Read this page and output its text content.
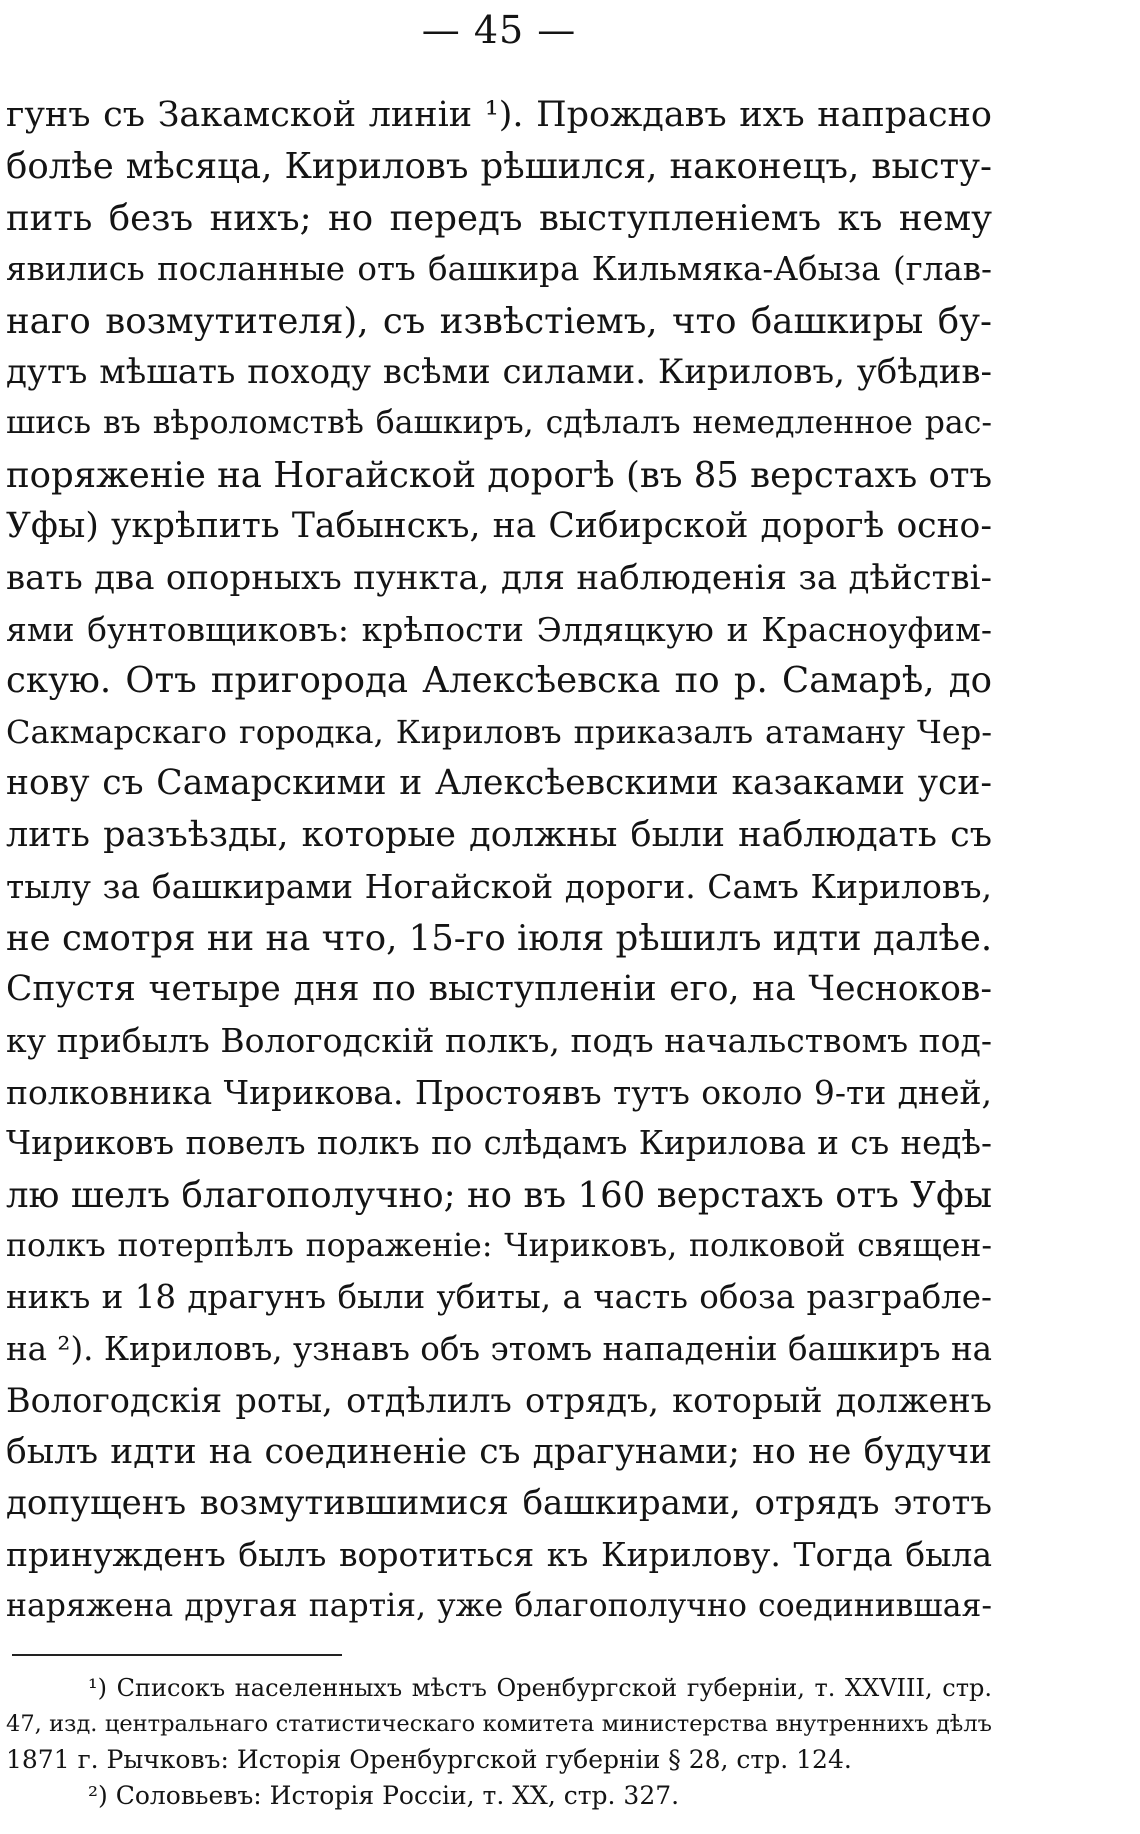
— 45 —
гунъ съ Закамской линіи ¹). Прождавъ ихъ напрасно
болѣе мѣсяца, Кириловъ рѣшился, наконецъ, высту-
пить безъ нихъ; но передъ выступленіемъ къ нему
явились посланные отъ башкира Кильмяка-Абыза (глав-
наго возмутителя), съ извѣстіемъ, что башкиры бу-
дутъ мѣшать походу всѣми силами. Кириловъ, убѣдив-
шись въ вѣроломствѣ башкиръ, сдѣлалъ немедленное рас-
поряженіе на Ногайской дорогѣ (въ 85 верстахъ отъ
Уфы) укрѣпить Табынскъ, на Сибирской дорогѣ осно-
вать два опорныхъ пункта, для наблюденія за дѣйствi-
ями бунтовщиковъ: крѣпости Элдяцкую и Красноуфим-
скую. Отъ пригорода Алексѣевска по р. Самарѣ, до
Сакмарскаго городка, Кириловъ приказалъ атаману Чер-
нову съ Самарскими и Алексѣевскими казаками уси-
лить разъѣзды, которые должны были наблюдать съ
тылу за башкирами Ногайской дороги. Самъ Кириловъ,
не смотря ни на что, 15-го іюля рѣшилъ идти далѣе.
Спустя четыре дня по выступленіи его, на Чесноков-
ку прибылъ Вологодскій полкъ, подъ начальствомъ под-
полковника Чирикова. Простоявъ тутъ около 9-ти дней,
Чириковъ повелъ полкъ по слѣдамъ Кирилова и съ недѣ-
лю шелъ благополучно; но въ 160 верстахъ отъ Уфы
полкъ потерпѣлъ пораженіе: Чириковъ, полковой священ-
никъ и 18 драгунъ были убиты, а часть обоза разграбле-
на ²). Кириловъ, узнавъ объ этомъ нападеніи башкиръ на
Вологодскія роты, отдѣлилъ отрядъ, который долженъ
былъ идти на соединеніе съ драгунами; но не будучи
допущенъ возмутившимися башкирами, отрядъ этотъ
принужденъ былъ воротиться къ Кирилову. Тогда была
наряжена другая партія, уже благополучно соединившая-
¹) Списокъ населенныхъ мѣстъ Оренбургской губерніи, т. XXVIII, стр.
47, изд. центральнаго статистическаго комитета министерства внутреннихъ дѣлъ
1871 г. Рычковъ: Исторія Оренбургской губерніи § 28, стр. 124.
²) Соловьевъ: Исторія Россіи, т. XX, стр. 327.
